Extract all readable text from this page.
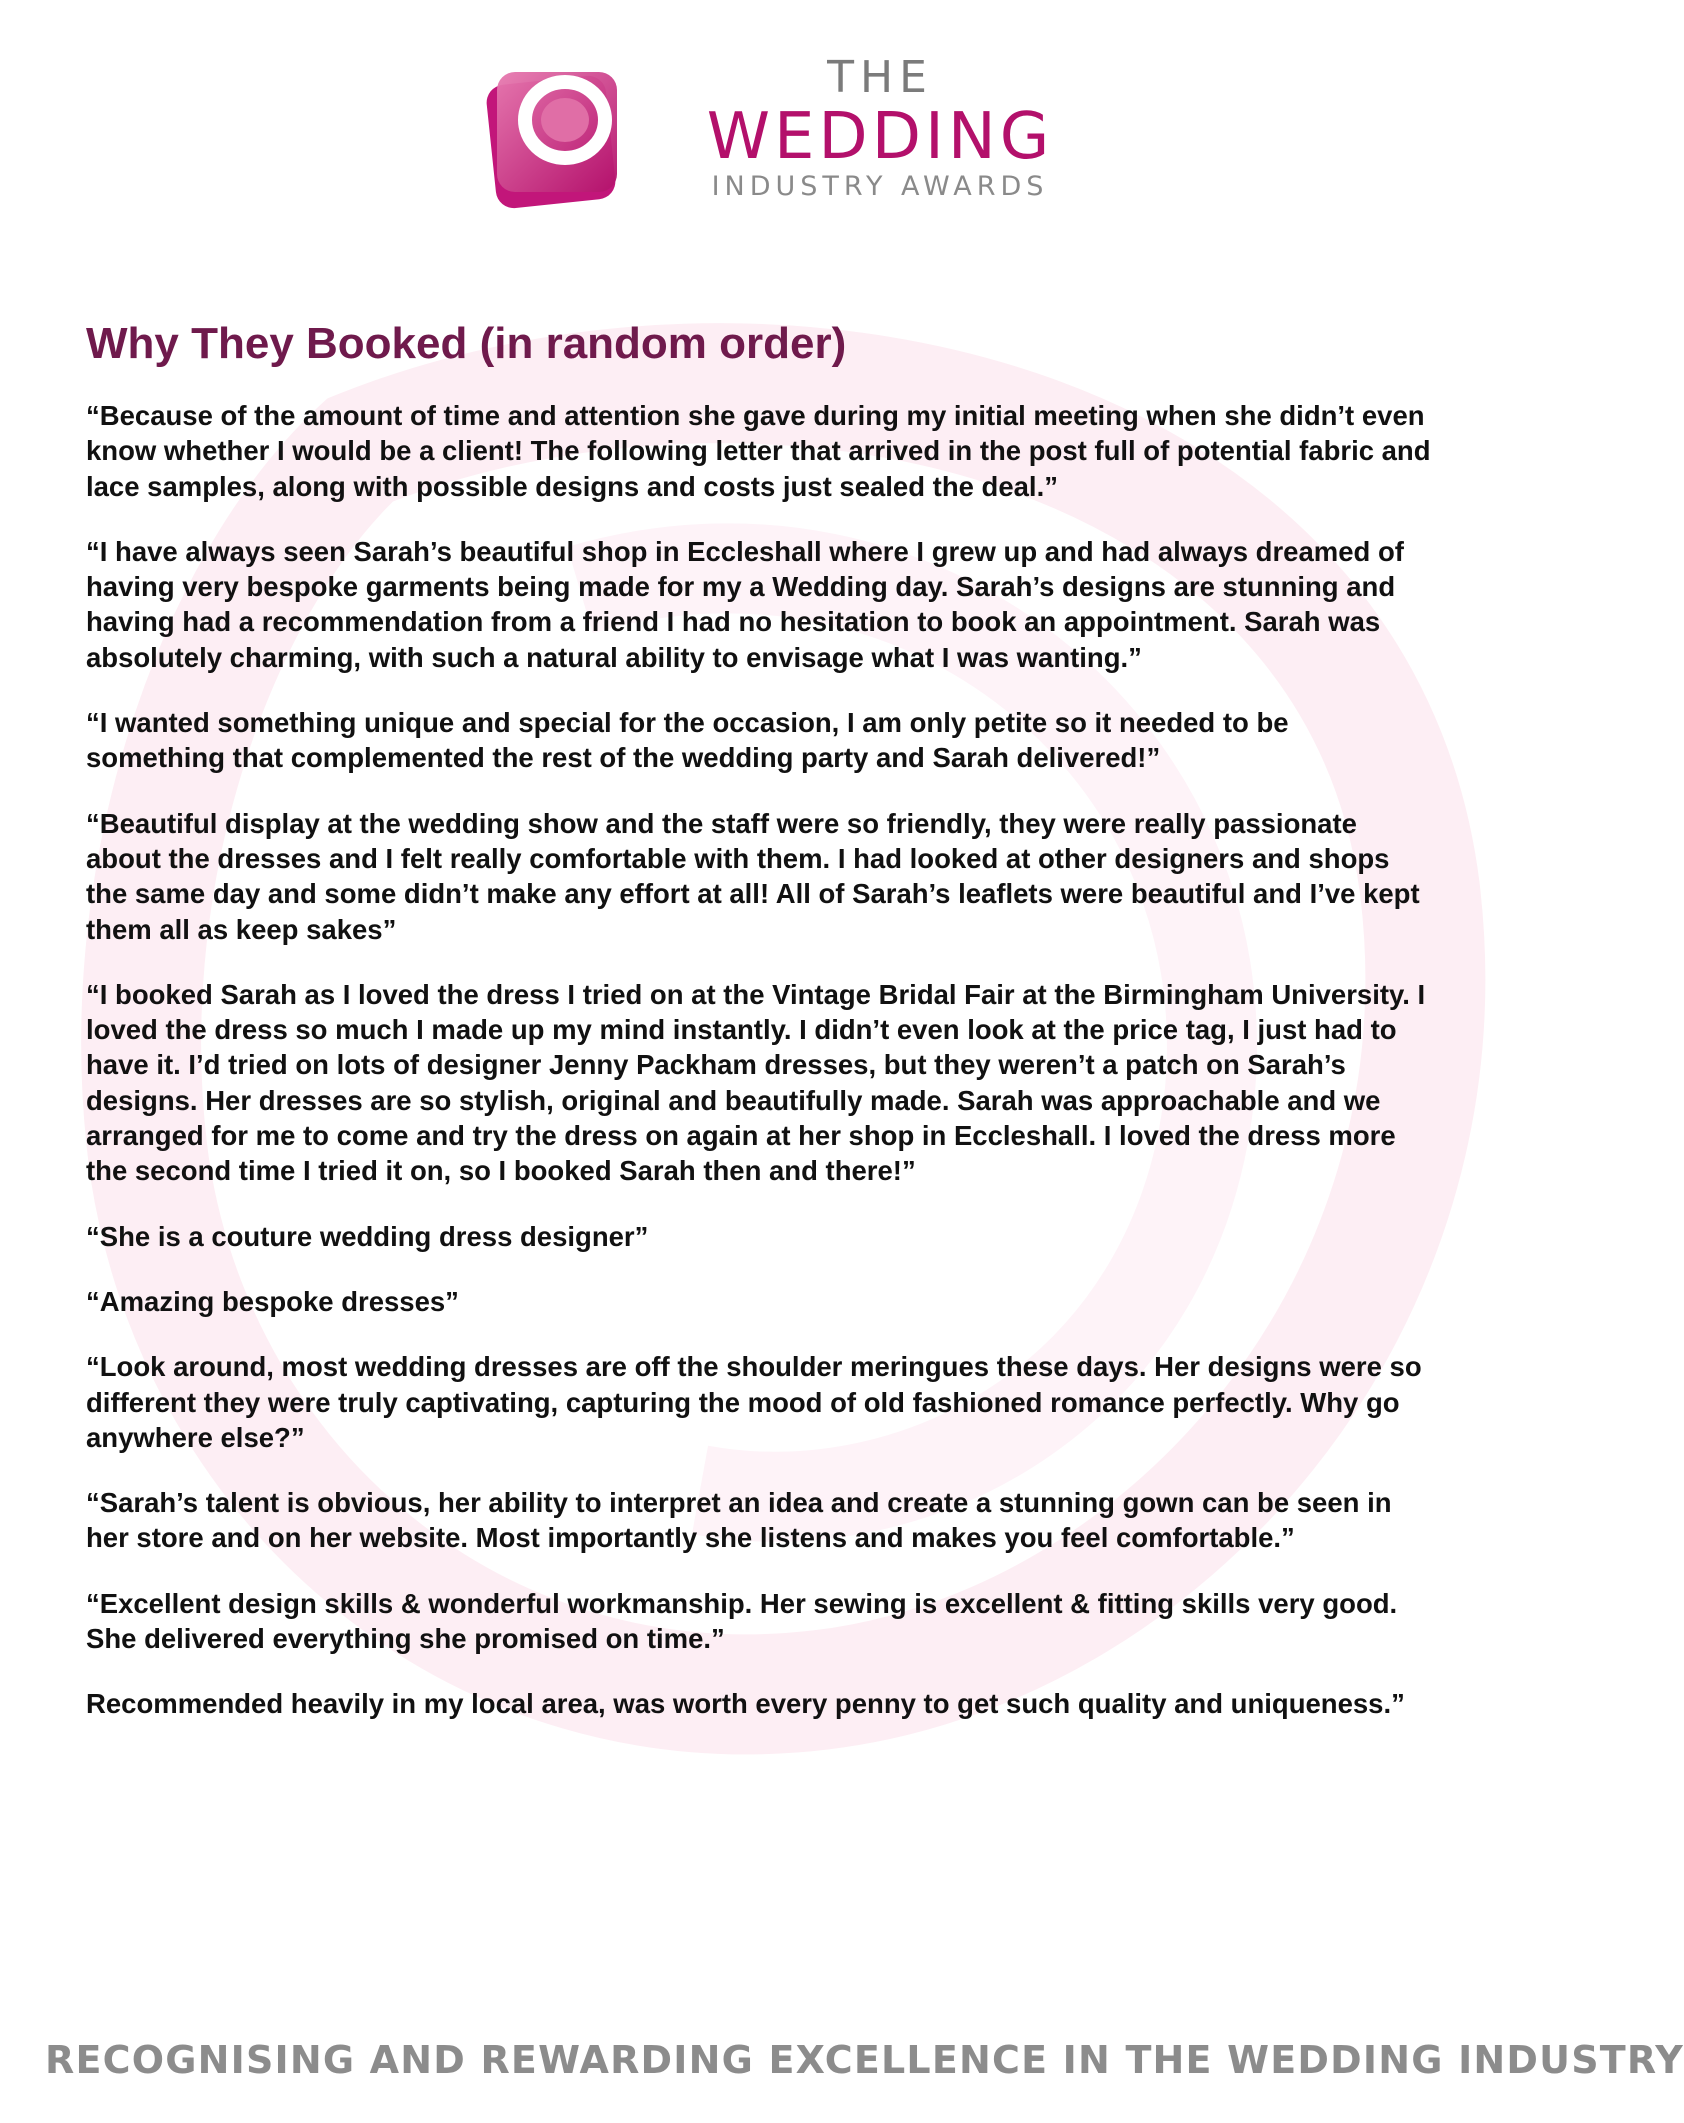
THE
WEDDING
INDUSTRY AWARDS
Why They Booked (in random order)

“Because of the amount of time and attention she gave during my initial meeting when she didn’t even know whether I would be a client! The following letter that arrived in the post full of potential fabric and lace samples, along with possible designs and costs just sealed the deal.”

“I have always seen Sarah’s beautiful shop in Eccleshall where I grew up and had always dreamed of having very bespoke garments being made for my a Wedding day. Sarah’s designs are stunning and having had a recommendation from a friend I had no hesitation to book an appointment. Sarah was absolutely charming, with such a natural ability to envisage what I was wanting.”

“I wanted something unique and special for the occasion, I am only petite so it needed to be something that complemented the rest of the wedding party and Sarah delivered!”

“Beautiful display at the wedding show and the staff were so friendly, they were really passionate about the dresses and I felt really comfortable with them. I had looked at other designers and shops the same day and some didn’t make any effort at all! All of Sarah’s leaflets were beautiful and I’ve kept them all as keep sakes”

“I booked Sarah as I loved the dress I tried on at the Vintage Bridal Fair at the Birmingham University. I loved the dress so much I made up my mind instantly. I didn’t even look at the price tag, I just had to have it. I’d tried on lots of designer Jenny Packham dresses, but they weren’t a patch on Sarah’s designs. Her dresses are so stylish, original and beautifully made. Sarah was approachable and we arranged for me to come and try the dress on again at her shop in Eccleshall. I loved the dress more the second time I tried it on, so I booked Sarah then and there!”

“She is a couture wedding dress designer”

“Amazing bespoke dresses”

“Look around, most wedding dresses are off the shoulder meringues these days. Her designs were so different they were truly captivating, capturing the mood of old fashioned romance perfectly. Why go anywhere else?”

“Sarah’s talent is obvious, her ability to interpret an idea and create a stunning gown can be seen in her store and on her website. Most importantly she listens and makes you feel comfortable.”

“Excellent design skills & wonderful workmanship. Her sewing is excellent & fitting skills very good. She delivered everything she promised on time.”

Recommended heavily in my local area, was worth every penny to get such quality and uniqueness.”

RECOGNISING AND REWARDING EXCELLENCE IN THE WEDDING INDUSTRY
